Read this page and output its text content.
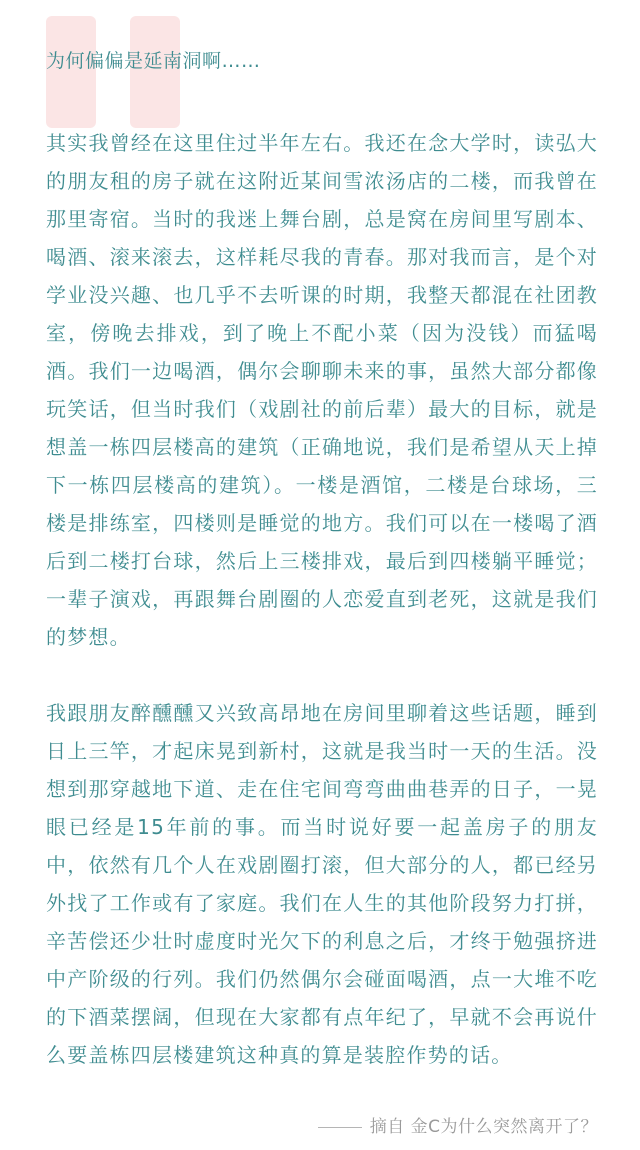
为何偏偏是延南洞啊……

其实我曾经在这里住过半年左右。我还在念大学时，读弘大的朋友租的房子就在这附近某间雪浓汤店的二楼，而我曾在那里寄宿。当时的我迷上舞台剧，总是窝在房间里写剧本、喝酒、滚来滚去，这样耗尽我的青春。那对我而言，是个对学业没兴趣、也几乎不去听课的时期，我整天都混在社团教室，傍晚去排戏，到了晚上不配小菜（因为没钱）而猛喝酒。我们一边喝酒，偶尔会聊聊未来的事，虽然大部分都像玩笑话，但当时我们（戏剧社的前后辈）最大的目标，就是想盖一栋四层楼高的建筑（正确地说，我们是希望从天上掉下一栋四层楼高的建筑）。一楼是酒馆，二楼是台球场，三楼是排练室，四楼则是睡觉的地方。我们可以在一楼喝了酒后到二楼打台球，然后上三楼排戏，最后到四楼躺平睡觉；一辈子演戏，再跟舞台剧圈的人恋爱直到老死，这就是我们的梦想。

我跟朋友醉醺醺又兴致高昂地在房间里聊着这些话题，睡到日上三竿，才起床晃到新村，这就是我当时一天的生活。没想到那穿越地下道、走在住宅间弯弯曲曲巷弄的日子，一晃眼已经是15年前的事。而当时说好要一起盖房子的朋友中，依然有几个人在戏剧圈打滚，但大部分的人，都已经另外找了工作或有了家庭。我们在人生的其他阶段努力打拼，辛苦偿还少壮时虚度时光欠下的利息之后，才终于勉强挤进中产阶级的行列。我们仍然偶尔会碰面喝酒，点一大堆不吃的下酒菜摆阔，但现在大家都有点年纪了，早就不会再说什么要盖栋四层楼建筑这种真的算是装腔作势的话。

摘自 金C为什么突然离开了？
